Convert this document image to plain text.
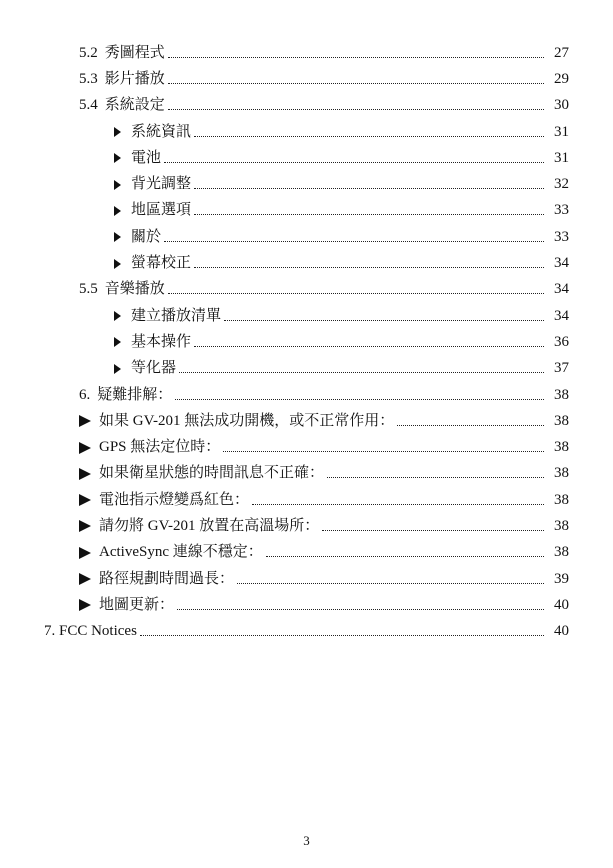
5.2 秀圖程式	27
5.3 影片播放	29
5.4 系統設定	30
系統資訊	31
電池	31
背光調整	32
地區選項	33
關於	33
螢幕校正	34
5.5 音樂播放	34
建立播放清單	34
基本操作	36
等化器	37
6. 疑難排解：	38
如果 GV-201 無法成功開機，或不正常作用：	38
GPS 無法定位時：	38
如果衛星狀態的時間訊息不正確：	38
電池指示燈變爲紅色：	38
請勿將 GV-201 放置在高溫場所：	38
ActiveSync 連線不穩定：	38
路徑規劃時間過長：	39
地圖更新：	40
7. FCC Notices	40
3
